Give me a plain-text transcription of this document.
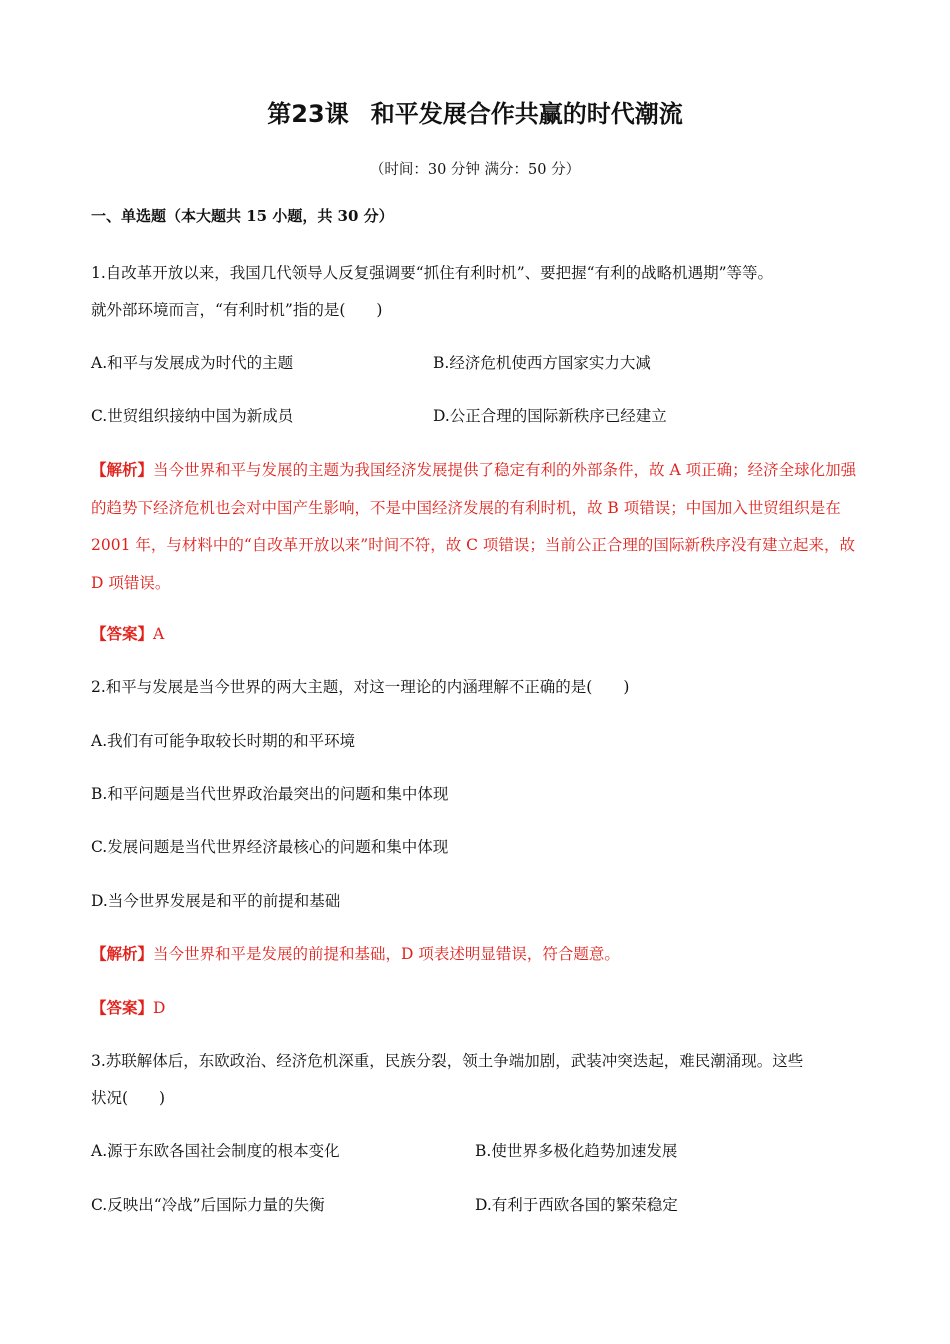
第23课 和平发展合作共赢的时代潮流
（时间：30 分钟 满分：50 分）
一、单选题（本大题共 15 小题，共 30 分）
1.自改革开放以来，我国几代领导人反复强调要“抓住有利时机”、要把握“有利的战略机遇期”等等。
就外部环境而言，“有利时机”指的是(　　)
A.和平与发展成为时代的主题	B.经济危机使西方国家实力大减
C.世贸组织接纳中国为新成员	D.公正合理的国际新秩序已经建立
【解析】当今世界和平与发展的主题为我国经济发展提供了稳定有利的外部条件，故 A 项正确；经济全球化加强的趋势下经济危机也会对中国产生影响，不是中国经济发展的有利时机，故 B 项错误；中国加入世贸组织是在 2001 年，与材料中的“自改革开放以来”时间不符，故 C 项错误；当前公正合理的国际新秩序没有建立起来，故 D 项错误。
【答案】A
2.和平与发展是当今世界的两大主题，对这一理论的内涵理解不正确的是(　　)
A.我们有可能争取较长时期的和平环境
B.和平问题是当代世界政治最突出的问题和集中体现
C.发展问题是当代世界经济最核心的问题和集中体现
D.当今世界发展是和平的前提和基础
【解析】当今世界和平是发展的前提和基础，D 项表述明显错误，符合题意。
【答案】D
3.苏联解体后，东欧政治、经济危机深重，民族分裂，领土争端加剧，武装冲突迭起，难民潮涌现。这些
状况(　　)
A.源于东欧各国社会制度的根本变化	B.使世界多极化趋势加速发展
C.反映出“冷战”后国际力量的失衡	D.有利于西欧各国的繁荣稳定
